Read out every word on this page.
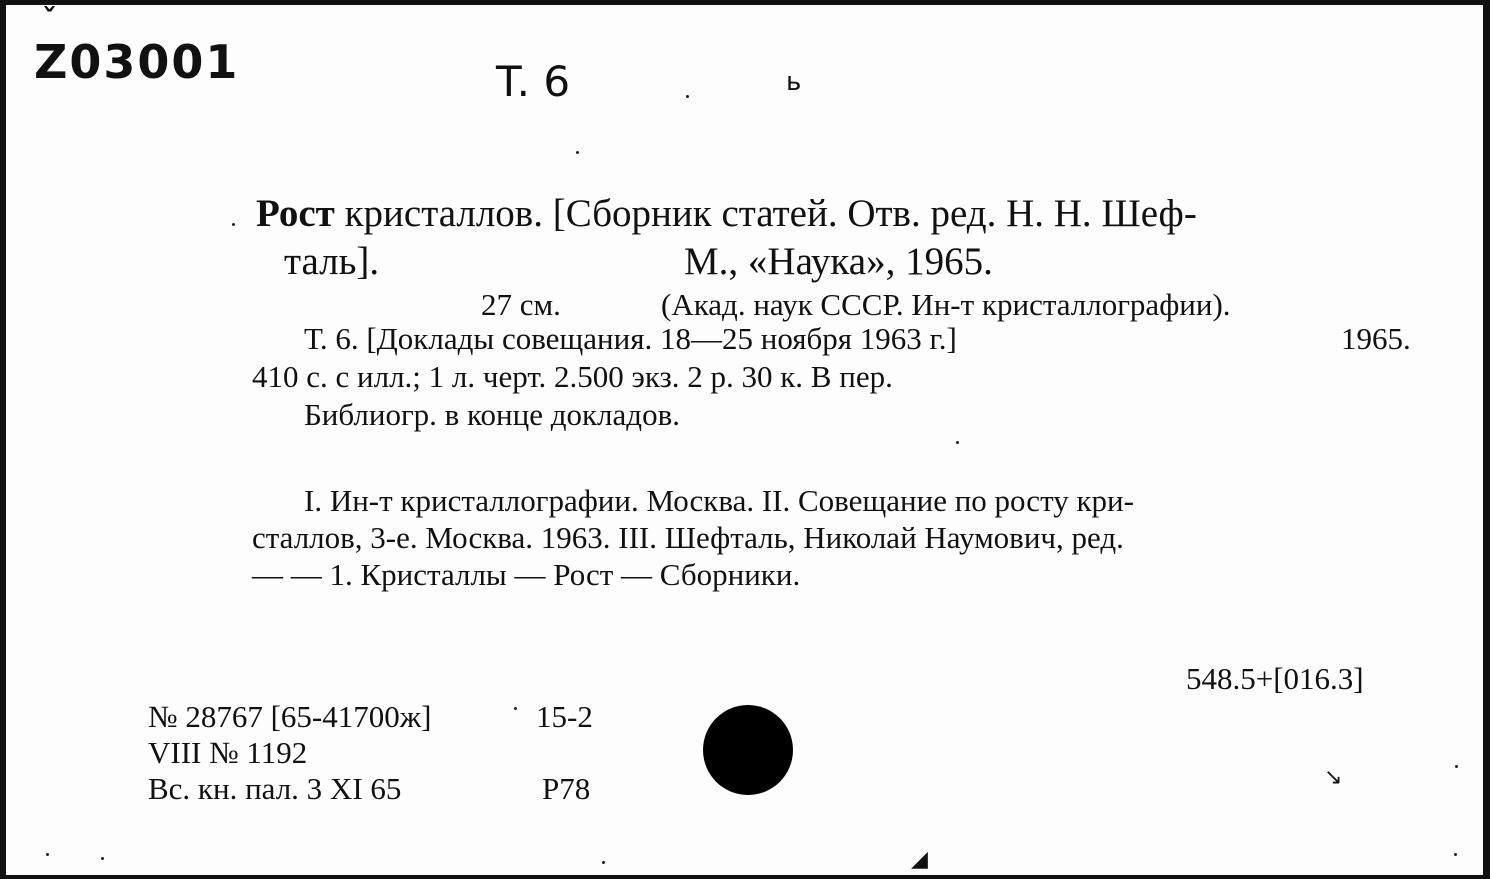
ˇ
Z03001	T. 6	ь
Рост кристаллов. [Сборник статей. Отв. ред. Н. Н. Шеф-
таль].	М., «Наука», 1965.
27 см.	(Акад. наук СССР. Ин-т кристаллографии).
Т. 6. [Доклады совещания. 18—25 ноября 1963 г.]	1965.
410 с. с илл.; 1 л. черт. 2.500 экз. 2 р. 30 к. В пер.
Библиогр. в конце докладов.
I. Ин-т кристаллографии. Москва. II. Совещание по росту кри-
сталлов, 3-е. Москва. 1963. III. Шефталь, Николай Наумович, ред.
— — 1. Кристаллы — Рост — Сборники.
548.5+[016.3]
№ 28767 [65-41700ж]	15-2
VIII № 1192
Вс. кн. пал. 3 XI 65	Р78	↘
◢
